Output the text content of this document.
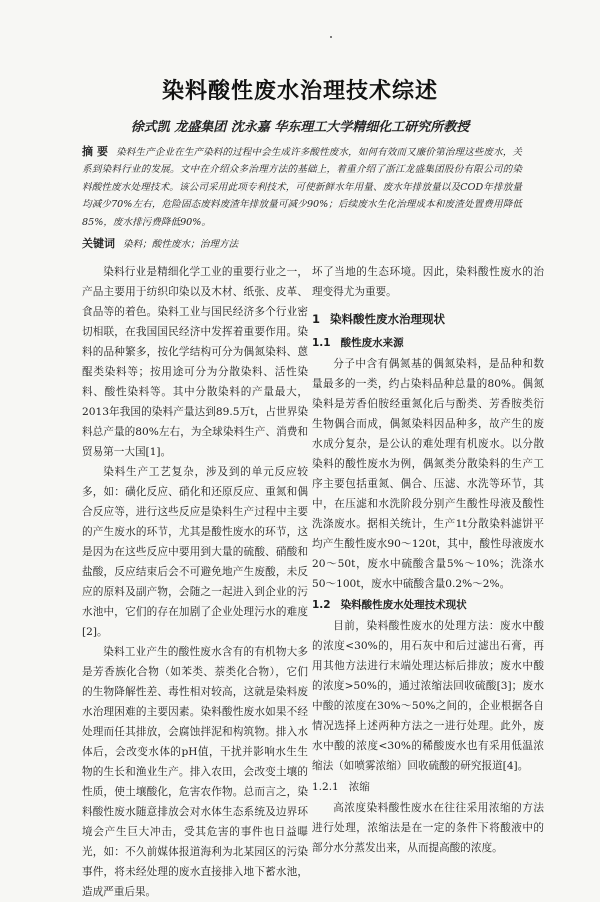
染料酸性废水治理技术综述
徐式凯 龙盛集团 沈永嘉 华东理工大学精细化工研究所教授
摘 要 染料生产企业在生产染料的过程中会生成许多酸性废水，如何有效而又廉价第治理这些废水，关系到染料行业的发展。文中在介绍众多治理方法的基础上，着重介绍了浙江龙盛集团股份有限公司的染料酸性废水处理技术。该公司采用此项专利技术，可使新鲜水年用量、废水年排放量以及COD年排放量均减少70%左右，危险固态废料废渣年排放量可减少90%；后续废水生化治理成本和废渣处置费用降低85%，废水排污费降低90%。
关键词 染料；酸性废水；治理方法

染料行业是精细化学工业的重要行业之一，产品主要用于纺织印染以及木材、纸张、皮革、食品等的着色。染料工业与国民经济多个行业密切相联，在我国国民经济中发挥着重要作用。染料的品种繁多，按化学结构可分为偶氮染料、蒽醌类染料等；按用途可分为分散染料、活性染料、酸性染料等。其中分散染料的产量最大，2013年我国的染料产量达到89.5万t，占世界染料总产量的80%左右，为全球染料生产、消费和贸易第一大国[1]。

染料生产工艺复杂，涉及到的单元反应较多，如：磺化反应、硝化和还原反应、重氮和偶合反应等，进行这些反应是染料生产过程中主要的产生废水的环节，尤其是酸性废水的环节，这是因为在这些反应中要用到大量的硫酸、硝酸和盐酸，反应结束后会不可避免地产生废酸，未反应的原料及副产物，会随之一起进入到企业的污水池中，它们的存在加剧了企业处理污水的难度[2]。

染料工业产生的酸性废水含有的有机物大多是芳香族化合物（如苯类、萘类化合物），它们的生物降解性差、毒性相对较高，这就是染料废水治理困难的主要因素。染料酸性废水如果不经处理而任其排放，会腐蚀拌泥和构筑物。排入水体后，会改变水体的pH值，干扰并影响水生生物的生长和渔业生产。排入农田，会改变土壤的性质，使土壤酸化，危害农作物。总而言之，染料酸性废水随意排放会对水体生态系统及边界环境会产生巨大冲击，受其危害的事件也日益曝光，如：不久前媒体报道海利为北某园区的污染事件，将未经处理的废水直接排入地下蓄水池，造成严重后果。

坏了当地的生态环境。因此，染料酸性废水的治理变得尤为重要。

1 染料酸性废水治理现状
1.1 酸性废水来源

分子中含有偶氮基的偶氮染料，是品种和数量最多的一类，约占染料品种总量的80%。偶氮染料是芳香伯胺经重氮化后与酚类、芳香胺类衍生物偶合而成，偶氮染料因品种多，故产生的废水成分复杂，是公认的难处理有机废水。以分散染料的酸性废水为例，偶氮类分散染料的生产工序主要包括重氮、偶合、压滤、水洗等环节，其中，在压滤和水洗阶段分别产生酸性母液及酸性洗涤废水。据相关统计，生产1t分散染料滤饼平均产生酸性废水90～120t，其中，酸性母液废水20～50t，废水中硫酸含量5%～10%；洗涤水50～100t，废水中硫酸含量0.2%～2%。

1.2 染料酸性废水处理技术现状

目前，染料酸性废水的处理方法：废水中酸的浓度<30%的，用石灰中和后过滤出石膏，再用其他方法进行末端处理达标后排放；废水中酸的浓度>50%的，通过浓缩法回收硫酸[3]；废水中酸的浓度在30%～50%之间的，企业根据各自情况选择上述两种方法之一进行处理。此外，废水中酸的浓度<30%的稀酸废水也有采用低温浓缩法（如喷雾浓缩）回收硫酸的研究报道[4]。

1.2.1 浓缩

高浓度染料酸性废水在往往采用浓缩的方法进行处理，浓缩法是在一定的条件下将酸液中的部分水分蒸发出来，从而提高酸的浓度。
